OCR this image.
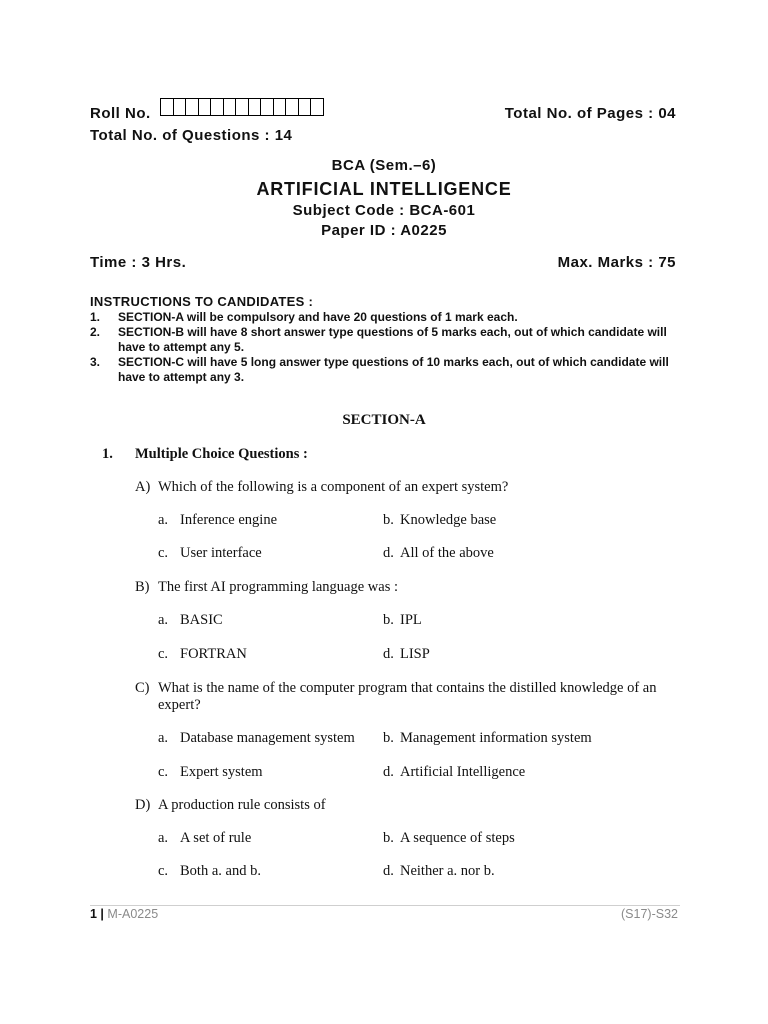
Roll No.	Total No. of Pages : 04
Total No. of Questions : 14
BCA (Sem.–6)
ARTIFICIAL INTELLIGENCE
Subject Code : BCA-601
Paper ID : A0225
Time : 3 Hrs.	Max. Marks : 75
INSTRUCTIONS TO CANDIDATES :
1. SECTION-A will be compulsory and have 20 questions of 1 mark each.
2. SECTION-B will have 8 short answer type questions of 5 marks each, out of which candidate will have to attempt any 5.
3. SECTION-C will have 5 long answer type questions of 10 marks each, out of which candidate will have to attempt any 3.
SECTION-A
1. Multiple Choice Questions :
A) Which of the following is a component of an expert system?
a. Inference engine	b. Knowledge base
c. User interface	d. All of the above
B) The first AI programming language was :
a. BASIC	b. IPL
c. FORTRAN	d. LISP
C) What is the name of the computer program that contains the distilled knowledge of an expert?
a. Database management system b. Management information system
c. Expert system	d. Artificial Intelligence
D) A production rule consists of
a. A set of rule	b. A sequence of steps
c. Both a. and b.	d. Neither a. nor b.
1 | M-A0225	(S17)-S32
